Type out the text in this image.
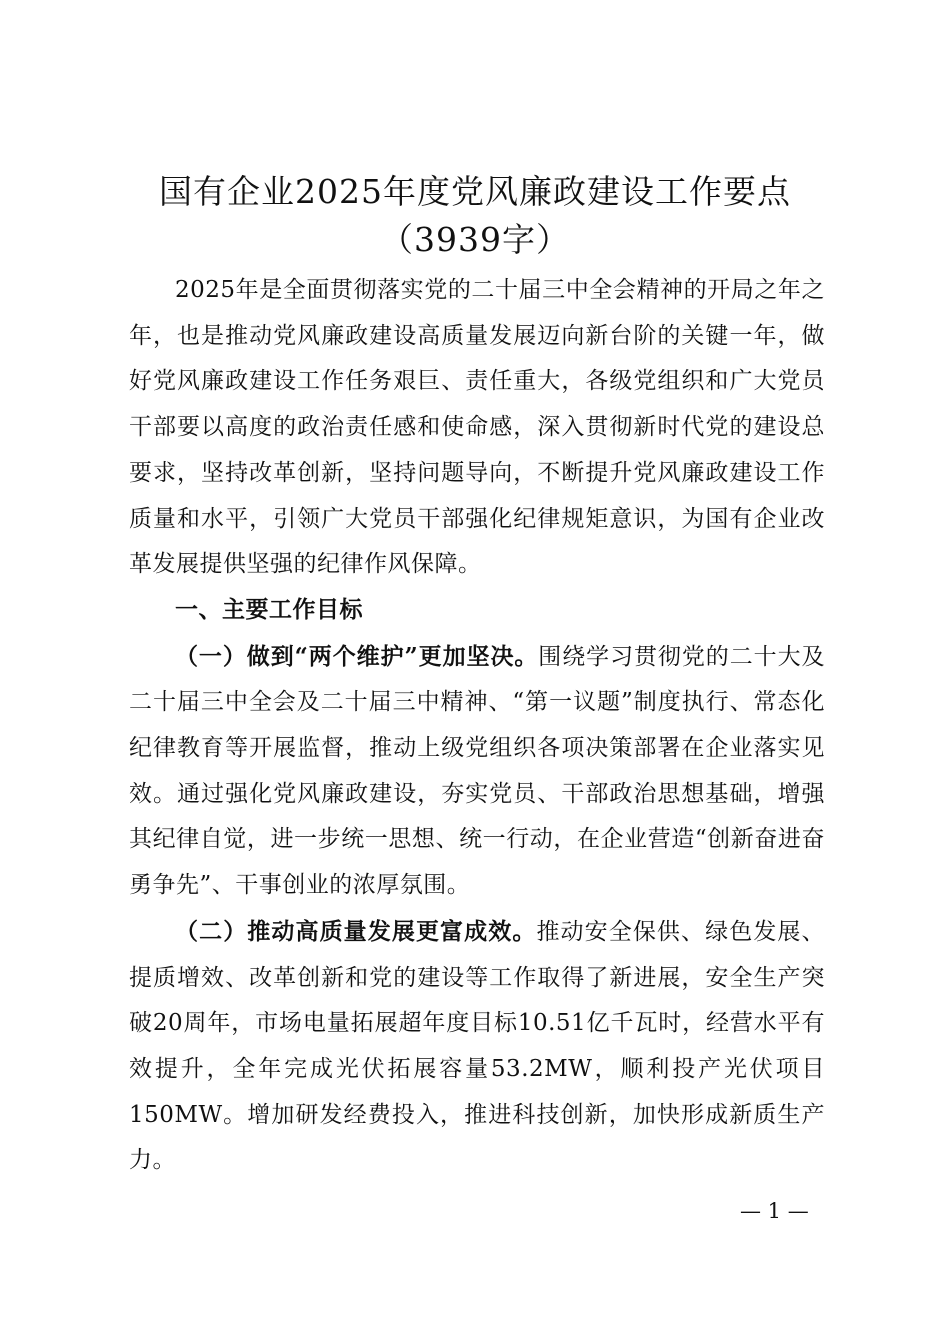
国有企业2025年度党风廉政建设工作要点
（3939字）

2025年是全面贯彻落实党的二十届三中全会精神的开局之年之年，也是推动党风廉政建设高质量发展迈向新台阶的关键一年，做好党风廉政建设工作任务艰巨、责任重大，各级党组织和广大党员干部要以高度的政治责任感和使命感，深入贯彻新时代党的建设总要求，坚持改革创新，坚持问题导向，不断提升党风廉政建设工作质量和水平，引领广大党员干部强化纪律规矩意识，为国有企业改革发展提供坚强的纪律作风保障。

一、主要工作目标

（一）做到“两个维护”更加坚决。围绕学习贯彻党的二十大及二十届三中全会及二十届三中精神、“第一议题”制度执行、常态化纪律教育等开展监督，推动上级党组织各项决策部署在企业落实见效。通过强化党风廉政建设，夯实党员、干部政治思想基础，增强其纪律自觉，进一步统一思想、统一行动，在企业营造“创新奋进奋勇争先”、干事创业的浓厚氛围。

（二）推动高质量发展更富成效。推动安全保供、绿色发展、提质增效、改革创新和党的建设等工作取得了新进展，安全生产突破20周年，市场电量拓展超年度目标10.51亿千瓦时，经营水平有效提升，全年完成光伏拓展容量53.2MW，顺利投产光伏项目150MW。增加研发经费投入，推进科技创新，加快形成新质生产力。

— 1 —
